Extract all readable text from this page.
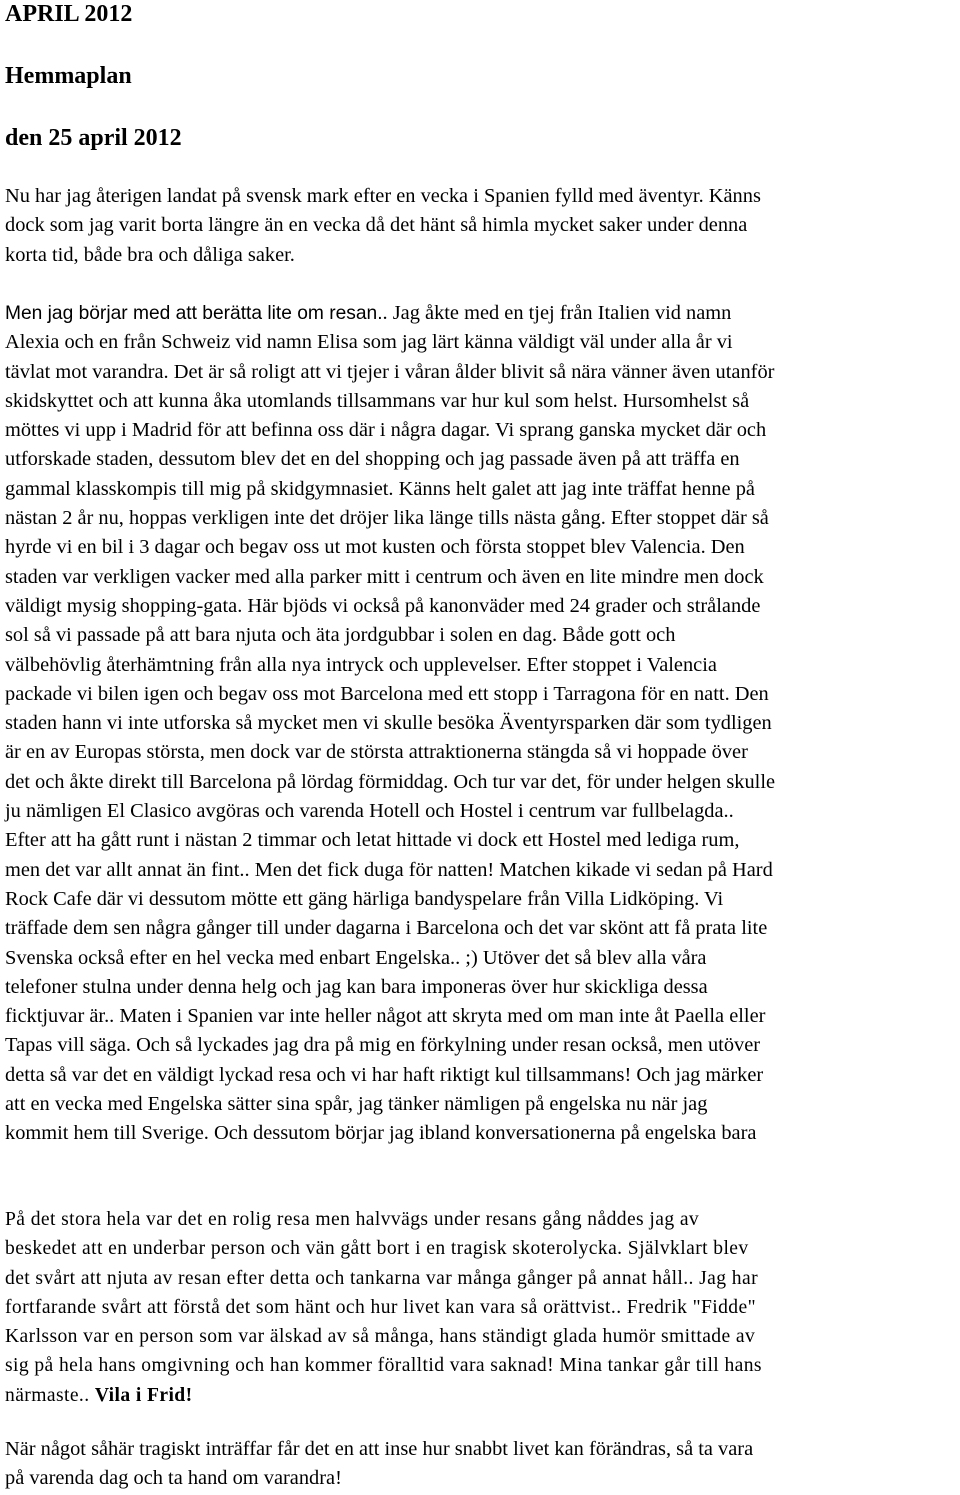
APRIL 2012
Hemmaplan
den 25 april 2012

Nu har jag återigen landat på svensk mark efter en vecka i Spanien fylld med äventyr. Känns
dock som jag varit borta längre än en vecka då det hänt så himla mycket saker under denna
korta tid, både bra och dåliga saker.

Men jag börjar med att berätta lite om resan.. Jag åkte med en tjej från Italien vid namn
Alexia och en från Schweiz vid namn Elisa som jag lärt känna väldigt väl under alla år vi
tävlat mot varandra. Det är så roligt att vi tjejer i våran ålder blivit så nära vänner även utanför
skidskyttet och att kunna åka utomlands tillsammans var hur kul som helst. Hursomhelst så
möttes vi upp i Madrid för att befinna oss där i några dagar. Vi sprang ganska mycket där och
utforskade staden, dessutom blev det en del shopping och jag passade även på att träffa en
gammal klasskompis till mig på skidgymnasiet. Känns helt galet att jag inte träffat henne på
nästan 2 år nu, hoppas verkligen inte det dröjer lika länge tills nästa gång. Efter stoppet där så
hyrde vi en bil i 3 dagar och begav oss ut mot kusten och första stoppet blev Valencia. Den
staden var verkligen vacker med alla parker mitt i centrum och även en lite mindre men dock
väldigt mysig shopping-gata. Här bjöds vi också på kanonväder med 24 grader och strålande
sol så vi passade på att bara njuta och äta jordgubbar i solen en dag. Både gott och
välbehövlig återhämtning från alla nya intryck och upplevelser. Efter stoppet i Valencia
packade vi bilen igen och begav oss mot Barcelona med ett stopp i Tarragona för en natt. Den
staden hann vi inte utforska så mycket men vi skulle besöka Äventyrsparken där som tydligen
är en av Europas största, men dock var de största attraktionerna stängda så vi hoppade över
det och åkte direkt till Barcelona på lördag förmiddag. Och tur var det, för under helgen skulle
ju nämligen El Clasico avgöras och varenda Hotell och Hostel i centrum var fullbelagda..
Efter att ha gått runt i nästan 2 timmar och letat hittade vi dock ett Hostel med lediga rum,
men det var allt annat än fint.. Men det fick duga för natten! Matchen kikade vi sedan på Hard
Rock Cafe där vi dessutom mötte ett gäng härliga bandyspelare från Villa Lidköping. Vi
träffade dem sen några gånger till under dagarna i Barcelona och det var skönt att få prata lite
Svenska också efter en hel vecka med enbart Engelska.. ;) Utöver det så blev alla våra
telefoner stulna under denna helg och jag kan bara imponeras över hur skickliga dessa
ficktjuvar är.. Maten i Spanien var inte heller något att skryta med om man inte åt Paella eller
Tapas vill säga. Och så lyckades jag dra på mig en förkylning under resan också, men utöver
detta så var det en väldigt lyckad resa och vi har haft riktigt kul tillsammans! Och jag märker
att en vecka med Engelska sätter sina spår, jag tänker nämligen på engelska nu när jag
kommit hem till Sverige. Och dessutom börjar jag ibland konversationerna på engelska bara

På det stora hela var det en rolig resa men halvvägs under resans gång nåddes jag av
beskedet att en underbar person och vän gått bort i en tragisk skoterolycka. Självklart blev
det svårt att njuta av resan efter detta och tankarna var många gånger på annat håll.. Jag har
fortfarande svårt att förstå det som hänt och hur livet kan vara så orättvist.. Fredrik "Fidde"
Karlsson var en person som var älskad av så många, hans ständigt glada humör smittade av
sig på hela hans omgivning och han kommer föralltid vara saknad! Mina tankar går till hans
närmaste.. Vila i Frid!

När något såhär tragiskt inträffar får det en att inse hur snabbt livet kan förändras, så ta vara
på varenda dag och ta hand om varandra!
